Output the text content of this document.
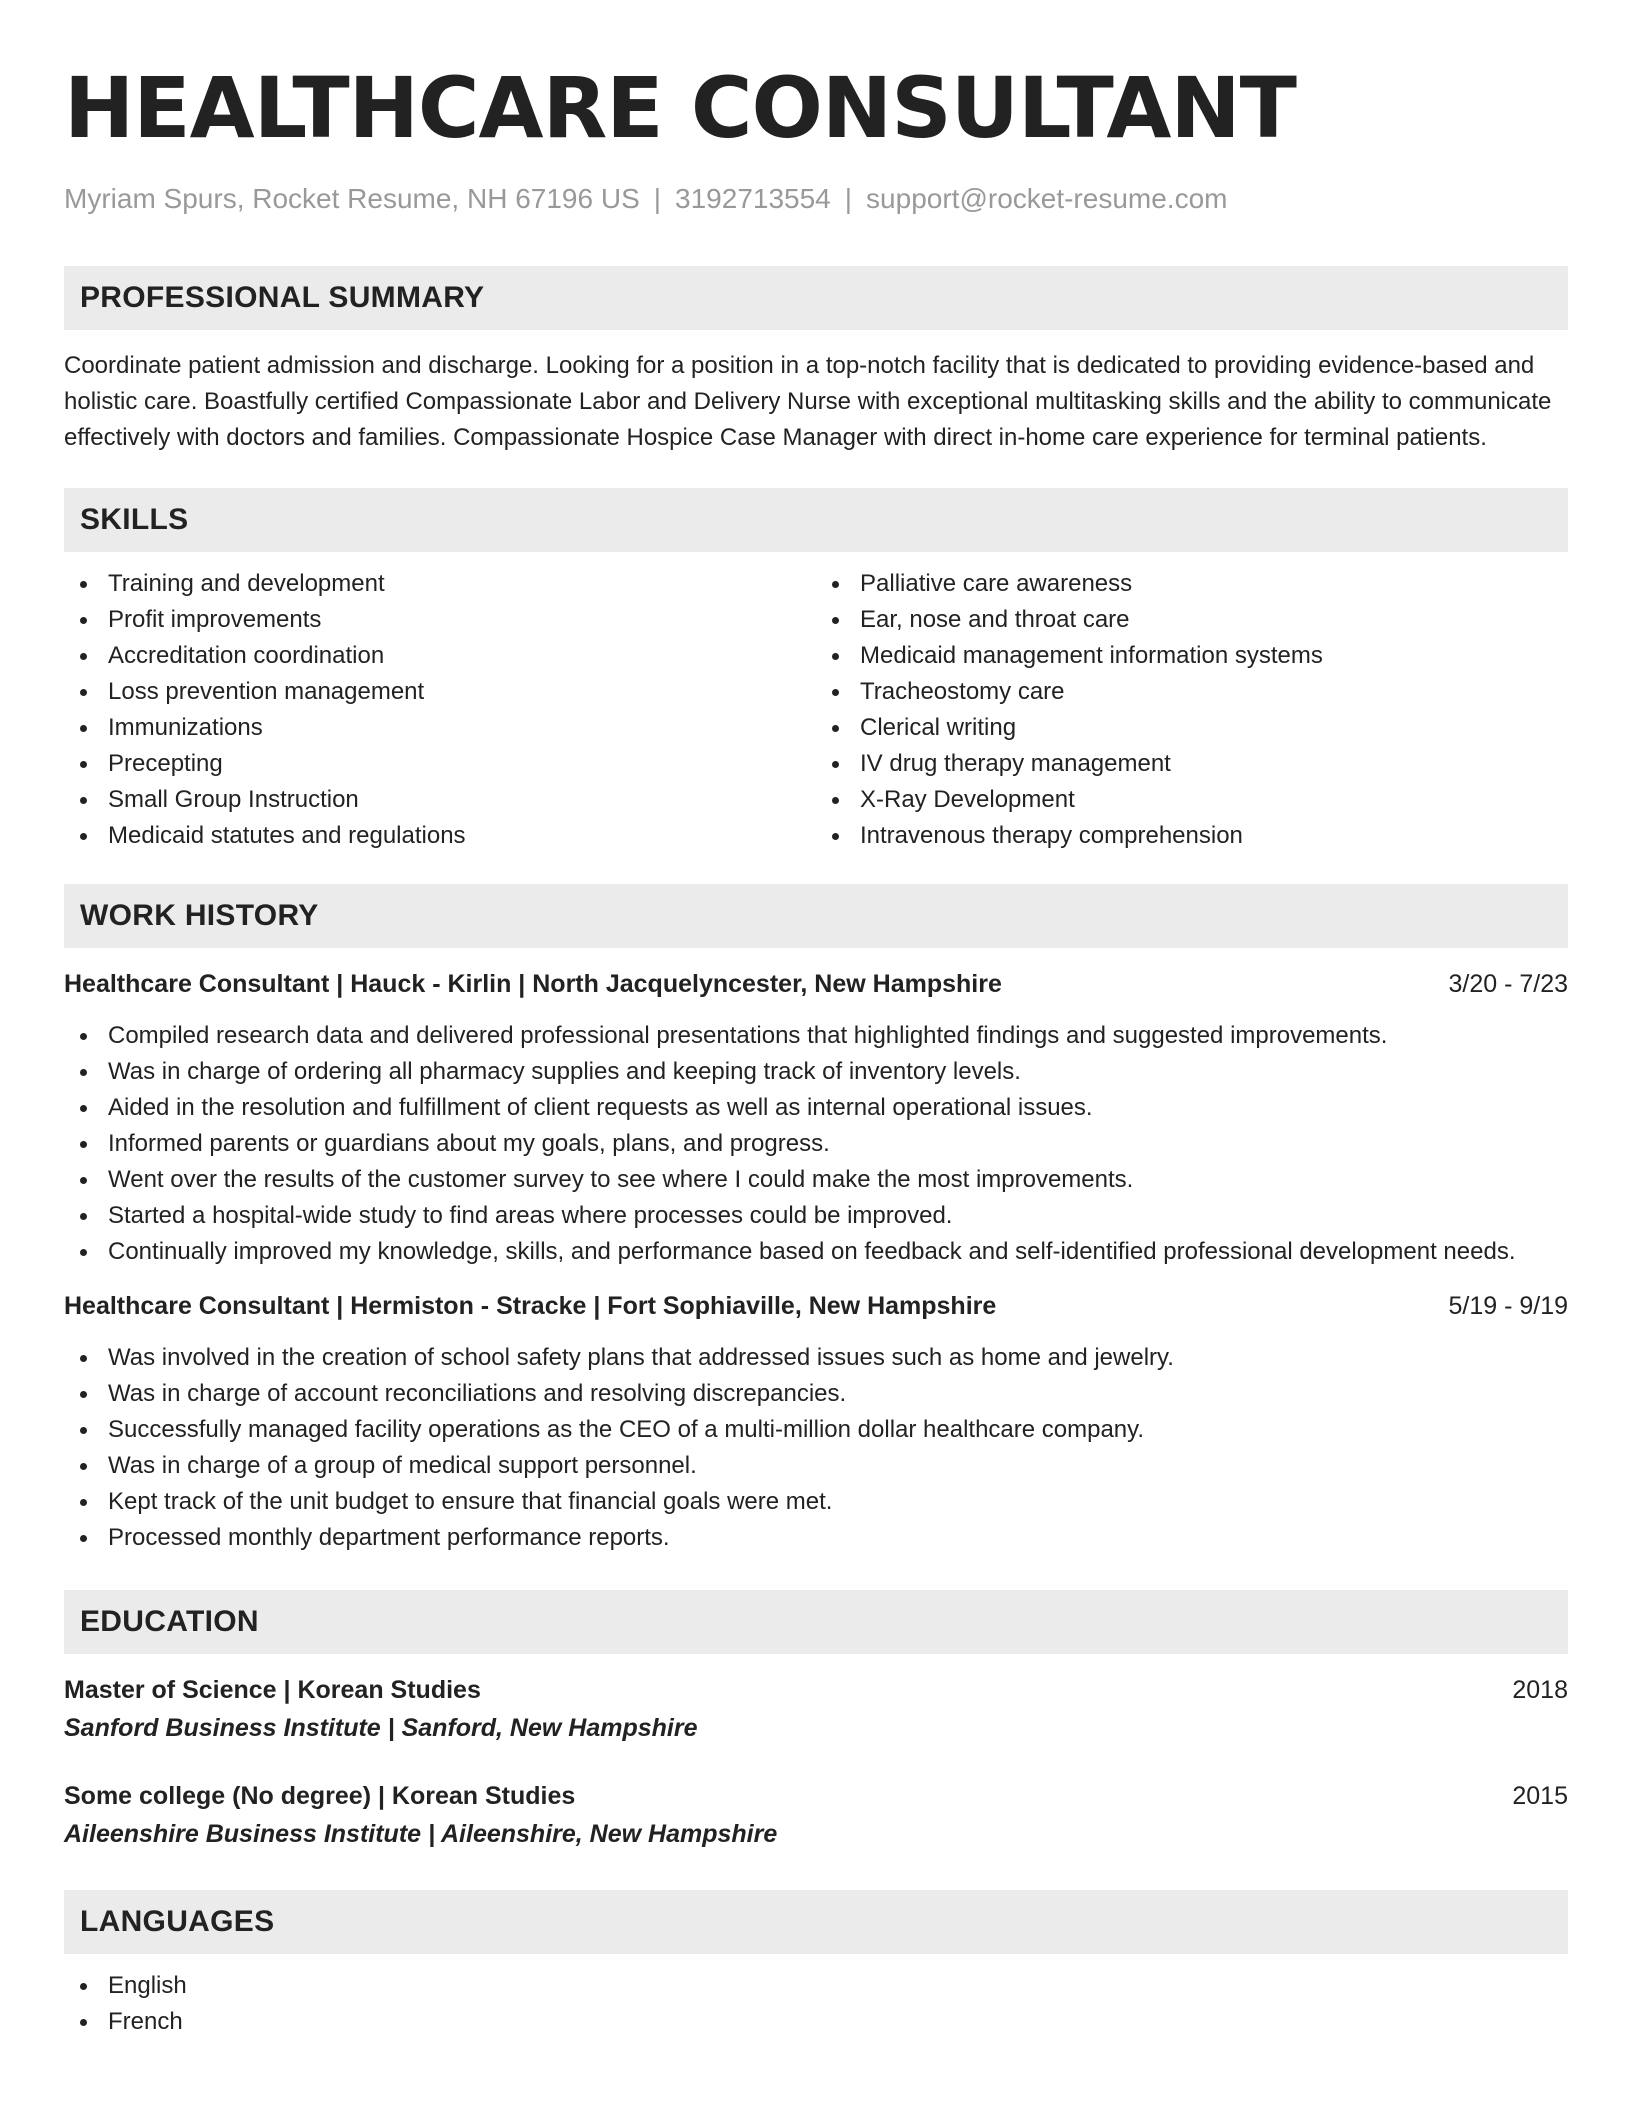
HEALTHCARE CONSULTANT
Myriam Spurs, Rocket Resume, NH 67196 US | 3192713554 | support@rocket-resume.com
PROFESSIONAL SUMMARY

Coordinate patient admission and discharge. Looking for a position in a top-notch facility that is dedicated to providing evidence-based and holistic care. Boastfully certified Compassionate Labor and Delivery Nurse with exceptional multitasking skills and the ability to communicate effectively with doctors and families. Compassionate Hospice Case Manager with direct in-home care experience for terminal patients.

SKILLS
Training and development
Profit improvements
Accreditation coordination
Loss prevention management
Immunizations
Precepting
Small Group Instruction
Medicaid statutes and regulations
Palliative care awareness
Ear, nose and throat care
Medicaid management information systems
Tracheostomy care
Clerical writing
IV drug therapy management
X-Ray Development
Intravenous therapy comprehension
WORK HISTORY
Healthcare Consultant | Hauck - Kirlin | North Jacquelyncester, New Hampshire	3/20 - 7/23
Compiled research data and delivered professional presentations that highlighted findings and suggested improvements.
Was in charge of ordering all pharmacy supplies and keeping track of inventory levels.
Aided in the resolution and fulfillment of client requests as well as internal operational issues.
Informed parents or guardians about my goals, plans, and progress.
Went over the results of the customer survey to see where I could make the most improvements.
Started a hospital-wide study to find areas where processes could be improved.
Continually improved my knowledge, skills, and performance based on feedback and self-identified professional development needs.
Healthcare Consultant | Hermiston - Stracke | Fort Sophiaville, New Hampshire	5/19 - 9/19
Was involved in the creation of school safety plans that addressed issues such as home and jewelry.
Was in charge of account reconciliations and resolving discrepancies.
Successfully managed facility operations as the CEO of a multi-million dollar healthcare company.
Was in charge of a group of medical support personnel.
Kept track of the unit budget to ensure that financial goals were met.
Processed monthly department performance reports.
EDUCATION
Master of Science | Korean Studies	2018
Sanford Business Institute | Sanford, New Hampshire
Some college (No degree) | Korean Studies	2015
Aileenshire Business Institute | Aileenshire, New Hampshire
LANGUAGES
English
French
